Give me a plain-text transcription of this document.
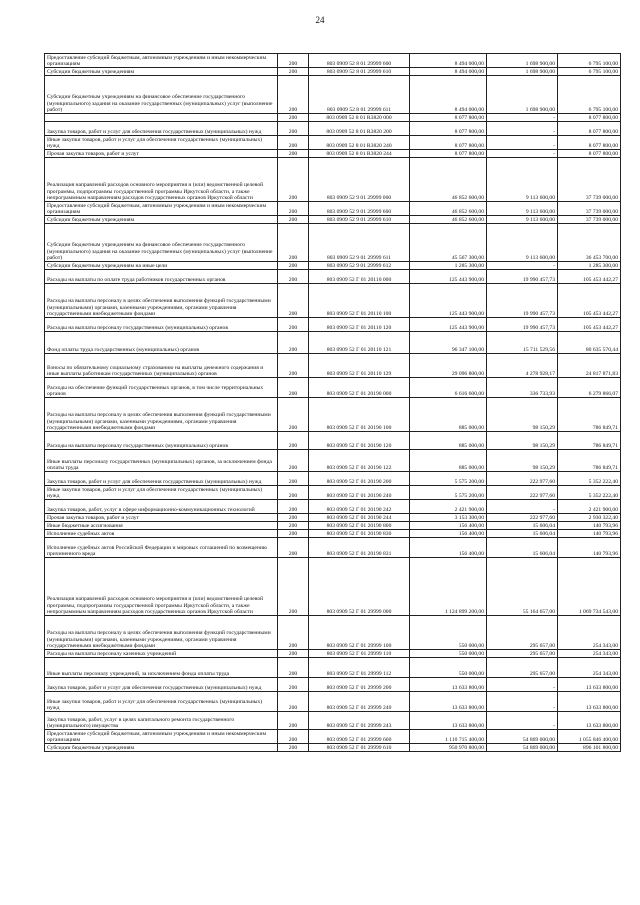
24
Предоставление субсидий бюджетным, автономным учреждениям и иным некоммерческим организациям	200	803 0909 52 8 01 29999 600	8 494 000,00	1 698 900,00	6 795 100,00
Субсидии бюджетным учреждениям	200	803 0909 52 8 01 29999 610	8 494 000,00	1 698 900,00	6 795 100,00
Субсидии бюджетным учреждениям на финансовое обеспечение государственного (муниципального) задания на оказание государственных (муниципальных) услуг (выполнение работ)	200	803 0909 52 8 01 29999 611	8 494 000,00	1 698 900,00	6 795 100,00
	200	803 0909 52 8 01 R3820 000	8 077 800,00	-	8 077 800,00
Закупка товаров, работ и услуг для обеспечения государственных (муниципальных) нужд	200	803 0909 52 8 01 R3820 200	8 077 800,00	-	8 077 800,00
Иные закупки товаров, работ и услуг для обеспечения государственных (муниципальных) нужд	200	803 0909 52 8 01 R3820 240	8 077 800,00	-	8 077 800,00
Прочая закупка товаров, работ и услуг	200	803 0909 52 8 01 R3820 244	8 077 800,00	-	8 077 800,00
Реализация направлений расходов основного мероприятия и (или) ведомственной целевой программы, подпрограммы государственной программы Иркутской области, а также непрограммным направлениям расходов государственных органов Иркутской области	200	803 0909 52 9 01 29999 000	46 852 600,00	9 113 600,00	37 739 000,00
Предоставление субсидий бюджетным, автономным учреждениям и иным некоммерческим организациям	200	803 0909 52 9 01 29999 600	46 852 600,00	9 113 600,00	37 739 000,00
Субсидии бюджетным учреждениям	200	803 0909 52 9 01 29999 610	46 852 600,00	9 113 600,00	37 739 000,00
Субсидии бюджетным учреждениям на финансовое обеспечение государственного (муниципального) задания на оказание государственных (муниципальных) услуг (выполнение работ)	200	803 0909 52 9 01 29999 611	45 567 300,00	9 113 600,00	36 453 700,00
Субсидии бюджетным учреждениям на иные цели	200	803 0909 52 9 01 29999 612	1 285 300,00	-	1 285 300,00
Расходы на выплаты по оплате труда работников государственных органов	200	803 0909 52 Г 01 20110 000	125 443 900,00	19 990 457,73	105 453 442,27
Расходы на выплаты персоналу в целях обеспечения выполнения функций государственными (муниципальными) органами, казенными учреждениями, органами управления государственными внебюджетными фондами	200	803 0909 52 Г 01 20110 100	125 443 900,00	19 990 457,73	105 453 442,27
Расходы на выплаты персоналу государственных (муниципальных) органов	200	803 0909 52 Г 01 20110 120	125 443 900,00	19 990 457,73	105 453 442,27
Фонд оплаты труда государственных (муниципальных) органов	200	803 0909 52 Г 01 20110 121	96 347 100,00	15 711 529,56	80 635 570,44
Взносы по обязательному социальному страхованию на выплаты денежного содержания и иные выплаты работникам государственных (муниципальных) органов	200	803 0909 52 Г 01 20110 129	29 096 800,00	4 278 928,17	24 817 871,83
Расходы на обеспечение функций государственных органов, в том числе территориальных органов	200	803 0909 52 Г 01 20190 000	6 616 600,00	336 733,93	6 279 866,07
Расходы на выплаты персоналу в целях обеспечения выполнения функций государственными (муниципальными) органами, казенными учреждениями, органами управления государственными внебюджетными фондами	200	803 0909 52 Г 01 20190 100	885 000,00	98 150,29	786 849,71
Расходы на выплаты персоналу государственных (муниципальных) органов	200	803 0909 52 Г 01 20190 120	885 000,00	98 150,29	786 849,71
Иные выплаты персоналу государственных (муниципальных) органов, за исключением фонда оплаты труда	200	803 0909 52 Г 01 20190 122	885 000,00	98 150,29	786 849,71
Закупка товаров, работ и услуг для обеспечения государственных (муниципальных) нужд	200	803 0909 52 Г 01 20190 200	5 575 200,00	222 977,60	5 352 222,40
Иные закупки товаров, работ и услуг для обеспечения государственных (муниципальных) нужд	200	803 0909 52 Г 01 20190 240	5 575 200,00	222 977,60	5 352 222,40
Закупка товаров, работ, услуг в сфере информационно-коммуникационных технологий	200	803 0909 52 Г 01 20190 242	2 421 900,00	-	2 421 900,00
Прочая закупка товаров, работ и услуг	200	803 0909 52 Г 01 20190 244	3 153 300,00	222 977,60	2 930 322,40
Иные бюджетные ассигнования	200	803 0909 52 Г 01 20190 800	156 400,00	15 606,04	140 793,96
Исполнение судебных актов	200	803 0909 52 Г 01 20190 830	156 400,00	15 606,04	140 793,96
Исполнение судебных актов Российской Федерации и мировых соглашений по возмещению причиненного вреда	200	803 0909 52 Г 01 20190 831	156 400,00	15 606,04	140 793,96
Реализация направлений расходов основного мероприятия и (или) ведомственной целевой программы, подпрограммы государственной программы Иркутской области, а также непрограммным направлениям расходов государственных органов Иркутской области	200	803 0909 52 Г 01 29999 000	1 124 899 200,00	55 164 657,00	1 069 734 543,00
Расходы на выплаты персоналу в целях обеспечения выполнения функций государственными (муниципальными) органами, казенными учреждениями, органами управления государственными внебюджетными фондами	200	803 0909 52 Г 01 29999 100	550 000,00	295 657,00	254 343,00
Расходы на выплаты персоналу казенных учреждений	200	803 0909 52 Г 01 29999 110	550 000,00	295 657,00	254 343,00
Иные выплаты персоналу учреждений, за исключением фонда оплаты труда	200	803 0909 52 Г 01 29999 112	550 000,00	295 657,00	254 343,00
Закупка товаров, работ и услуг для обеспечения государственных (муниципальных) нужд	200	803 0909 52 Г 01 29999 200	13 633 800,00	-	13 633 800,00
Иные закупки товаров, работ и услуг для обеспечения государственных (муниципальных) нужд	200	803 0909 52 Г 01 29999 240	13 633 800,00	-	13 633 800,00
Закупка товаров, работ, услуг в целях капитального ремонта государственного (муниципального) имущества	200	803 0909 52 Г 01 29999 243	13 633 800,00	-	13 633 800,00
Предоставление субсидий бюджетным, автономным учреждениям и иным некоммерческим организациям	200	803 0909 52 Г 01 29999 600	1 110 715 400,00	54 869 000,00	1 055 846 400,00
Субсидии бюджетным учреждениям	200	803 0909 52 Г 01 29999 610	950 970 800,00	54 869 000,00	896 101 800,00
